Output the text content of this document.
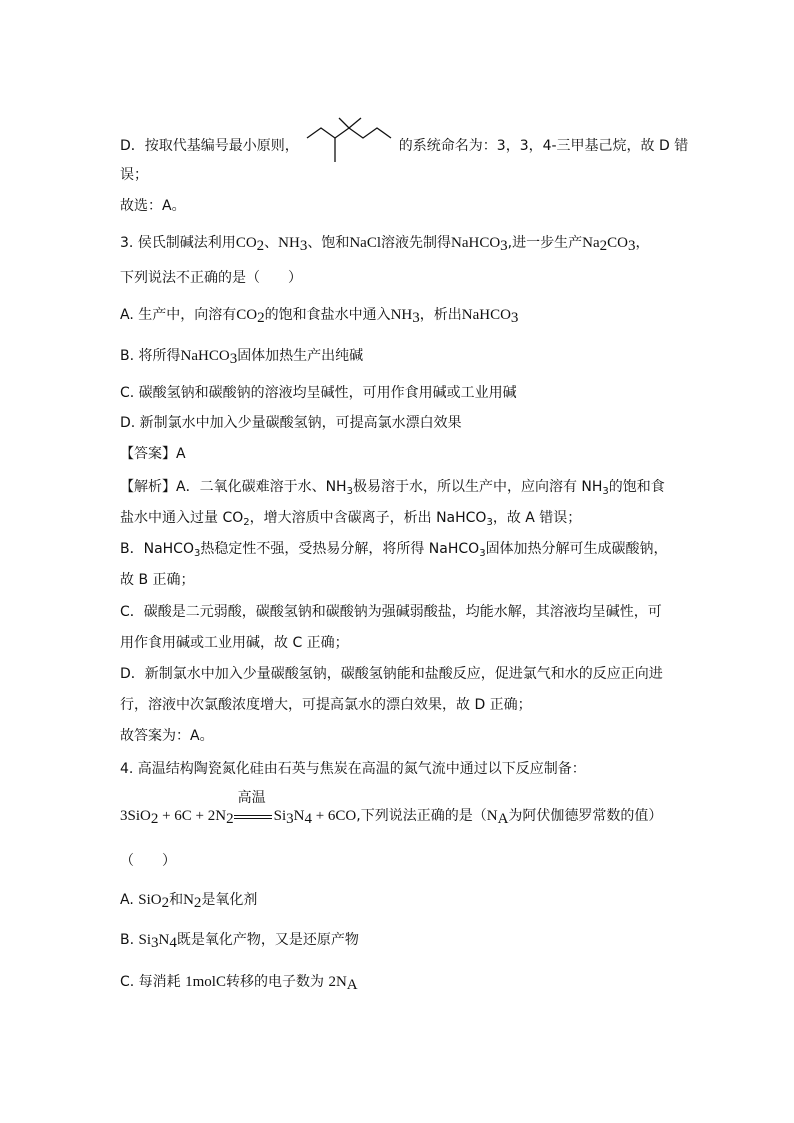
D．按取代基编号最小原则，	的系统命名为：3，3，4-三甲基己烷，故 D 错
误；
故选：A。
3. 侯氏制碱法利用$CO_2$、$NH_3$、饱和NaCl溶液先制得NaHCO$_3$,进一步生产$Na_2CO_3$，
下列说法不正确的是（　　）
A. 生产中，向溶有$CO_2$的饱和食盐水中通入$NH_3$，析出NaHCO$_3$
B. 将所得NaHCO$_3$固体加热生产出纯碱
C. 碳酸氢钠和碳酸钠的溶液均呈碱性，可用作食用碱或工业用碱
D. 新制氯水中加入少量碳酸氢钠，可提高氯水漂白效果
【答案】A
【解析】A．二氧化碳难溶于水、$NH_3$极易溶于水，所以生产中，应向溶有 $NH_3$的饱和食
盐水中通入过量 $CO_2$，增大溶质中含碳离子，析出 NaHCO$_3$，故 A 错误；
B．NaHCO$_3$热稳定性不强，受热易分解，将所得 NaHCO$_3$固体加热分解可生成碳酸钠，
故 B 正确；
C．碳酸是二元弱酸，碳酸氢钠和碳酸钠为强碱弱酸盐，均能水解，其溶液均呈碱性，可
用作食用碱或工业用碱，故 C 正确；
D．新制氯水中加入少量碳酸氢钠，碳酸氢钠能和盐酸反应，促进氯气和水的反应正向进
行，溶液中次氯酸浓度增大，可提高氯水的漂白效果，故 D 正确；
故答案为：A。
4. 高温结构陶瓷氮化硅由石英与焦炭在高温的氮气流中通过以下反应制备：
$3SiO_2 + 6C + 2N_2$
高温
$Si_3N_4 + 6CO$,下列说法正确的是（$N_A$为阿伏伽德罗常数的值）
（　　）
A. SiO$_2$和$N_2$是氧化剂
B. $Si_3N_4$既是氧化产物，又是还原产物
C. 每消耗 1molC转移的电子数为 $2N_A$
